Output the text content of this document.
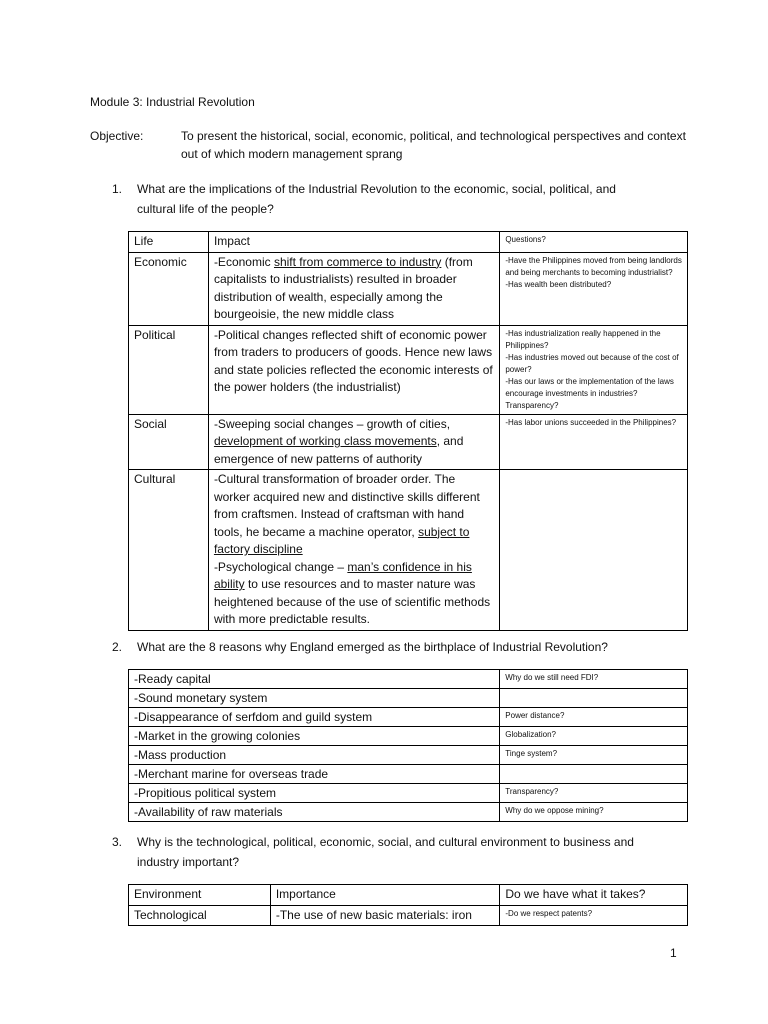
Module 3: Industrial Revolution
Objective:	To present the historical, social, economic, political, and technological perspectives and context out of which modern management sprang
1. What are the implications of the Industrial Revolution to the economic, social, political, and cultural life of the people?
Life	Impact	Questions?
Economic	-Economic shift from commerce to industry (from capitalists to industrialists) resulted in broader distribution of wealth, especially among the bourgeoisie, the new middle class	-Have the Philippines moved from being landlords and being merchants to becoming industrialist?
-Has wealth been distributed?
Political	-Political changes reflected shift of economic power from traders to producers of goods. Hence new laws and state policies reflected the economic interests of the power holders (the industrialist)	-Has industrialization really happened in the Philippines?
-Has industries moved out because of the cost of power?
-Has our laws or the implementation of the laws encourage investments in industries? Transparency?
Social	-Sweeping social changes – growth of cities, development of working class movements, and emergence of new patterns of authority	-Has labor unions succeeded in the Philippines?
Cultural	-Cultural transformation of broader order. The worker acquired new and distinctive skills different from craftsmen. Instead of craftsman with hand tools, he became a machine operator, subject to factory discipline
-Psychological change – man’s confidence in his ability to use resources and to master nature was heightened because of the use of scientific methods with more predictable results.	
2. What are the 8 reasons why England emerged as the birthplace of Industrial Revolution?
-Ready capital	Why do we still need FDI?
-Sound monetary system	
-Disappearance of serfdom and guild system	Power distance?
-Market in the growing colonies	Globalization?
-Mass production	Tinge system?
-Merchant marine for overseas trade	
-Propitious political system	Transparency?
-Availability of raw materials	Why do we oppose mining?
3. Why is the technological, political, economic, social, and cultural environment to business and industry important?
Environment	Importance	Do we have what it takes?
Technological	-The use of new basic materials: iron	-Do we respect patents?
1
